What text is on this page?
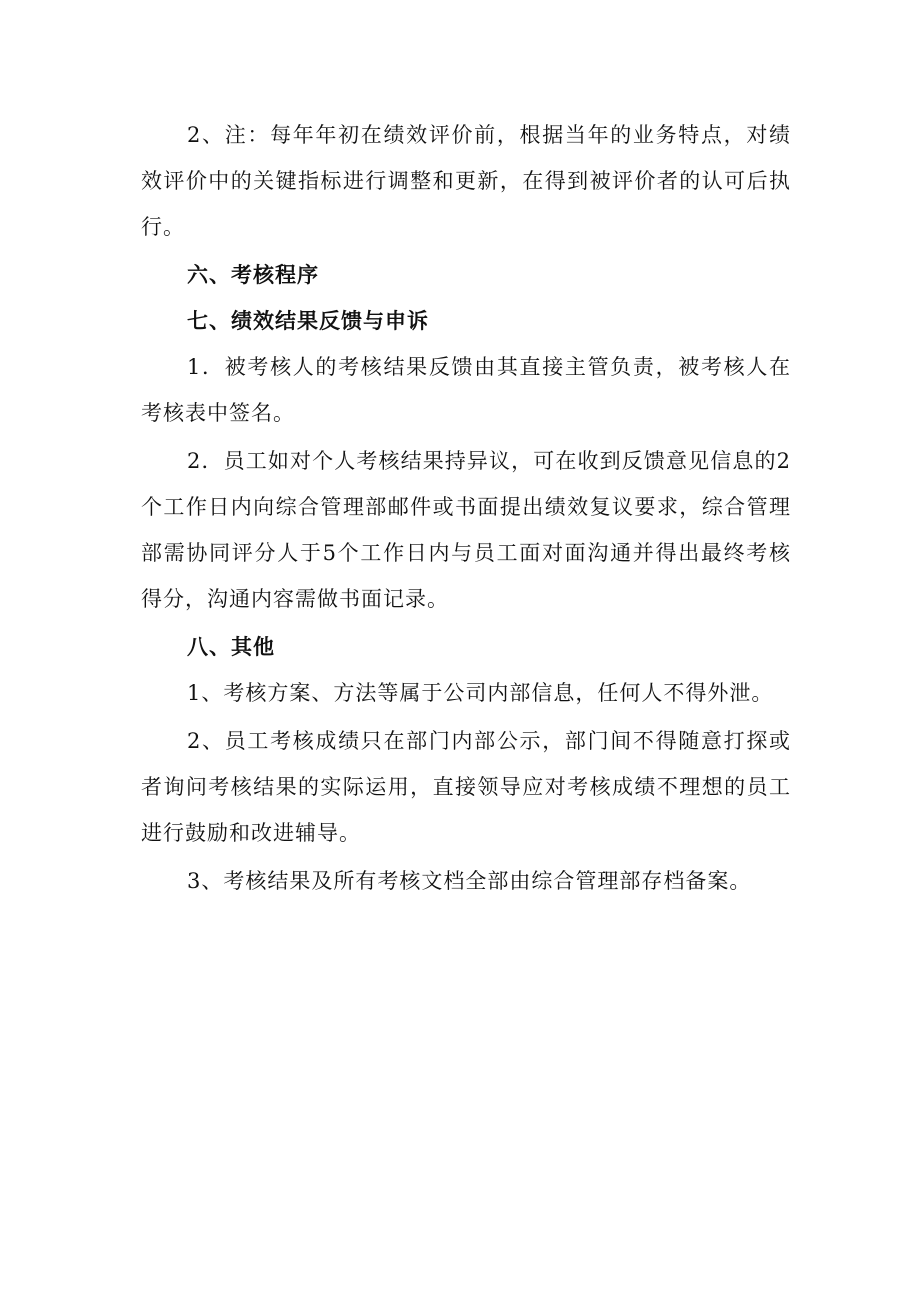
2、注：每年年初在绩效评价前，根据当年的业务特点，对绩效评价中的关键指标进行调整和更新，在得到被评价者的认可后执行。

六、考核程序

七、绩效结果反馈与申诉

1．被考核人的考核结果反馈由其直接主管负责，被考核人在考核表中签名。

2．员工如对个人考核结果持异议，可在收到反馈意见信息的2个工作日内向综合管理部邮件或书面提出绩效复议要求，综合管理部需协同评分人于5个工作日内与员工面对面沟通并得出最终考核得分，沟通内容需做书面记录。

八、其他

1、考核方案、方法等属于公司内部信息，任何人不得外泄。

2、员工考核成绩只在部门内部公示，部门间不得随意打探或者询问考核结果的实际运用，直接领导应对考核成绩不理想的员工进行鼓励和改进辅导。

3、考核结果及所有考核文档全部由综合管理部存档备案。
